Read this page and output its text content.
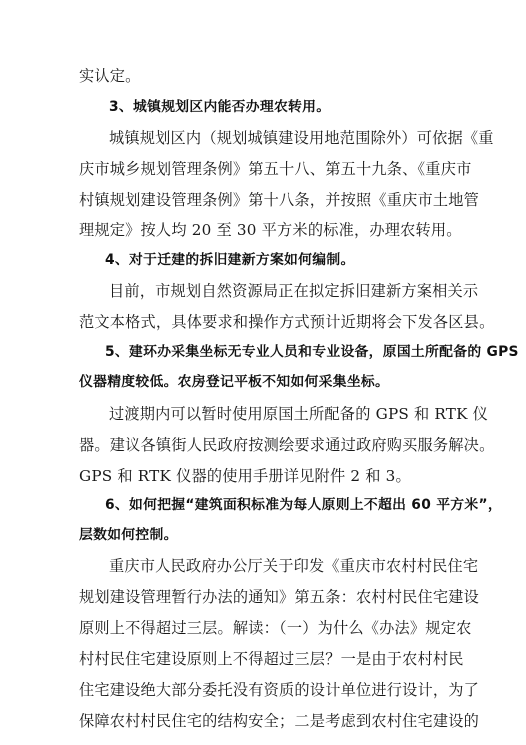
实认定。
3、城镇规划区内能否办理农转用。
城镇规划区内（规划城镇建设用地范围除外）可依据《重
庆市城乡规划管理条例》第五十八、第五十九条、《重庆市
村镇规划建设管理条例》第十八条，并按照《重庆市土地管
理规定》按人均 20 至 30 平方米的标准，办理农转用。
4、对于迁建的拆旧建新方案如何编制。
目前，市规划自然资源局正在拟定拆旧建新方案相关示
范文本格式，具体要求和操作方式预计近期将会下发各区县。
5、建环办采集坐标无专业人员和专业设备，原国土所配备的 GPS
仪器精度较低。农房登记平板不知如何采集坐标。
过渡期内可以暂时使用原国土所配备的 GPS 和 RTK 仪
器。建议各镇街人民政府按测绘要求通过政府购买服务解决。
GPS 和 RTK 仪器的使用手册详见附件 2 和 3。
6、如何把握“建筑面积标准为每人原则上不超出 60 平方米”，
层数如何控制。
重庆市人民政府办公厅关于印发《重庆市农村村民住宅
规划建设管理暂行办法的通知》第五条：农村村民住宅建设
原则上不得超过三层。解读：（一）为什么《办法》规定农
村村民住宅建设原则上不得超过三层？一是由于农村村民
住宅建设绝大部分委托没有资质的设计单位进行设计，为了
保障农村村民住宅的结构安全；二是考虑到农村住宅建设的
